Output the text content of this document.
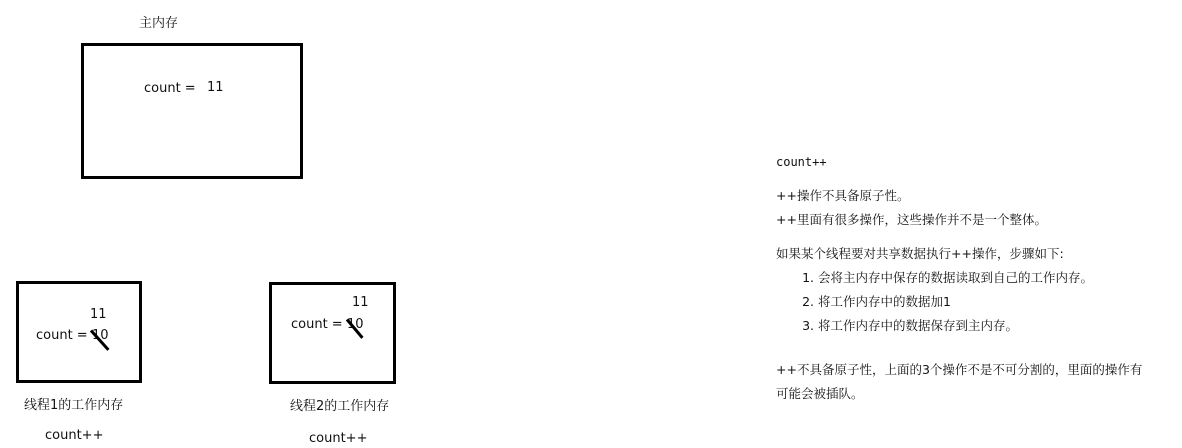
主内存
count = 11
11
count = 10
线程1的工作内存
count++
11
count = 10
线程2的工作内存
count++

count++

++操作不具备原子性。

++里面有很多操作，这些操作并不是一个整体。

如果某个线程要对共享数据执行++操作，步骤如下:

1. 会将主内存中保存的数据读取到自己的工作内存。
2. 将工作内存中的数据加1
3. 将工作内存中的数据保存到主内存。

++不具备原子性，上面的3个操作不是不可分割的，里面的操作有可能会被插队。
